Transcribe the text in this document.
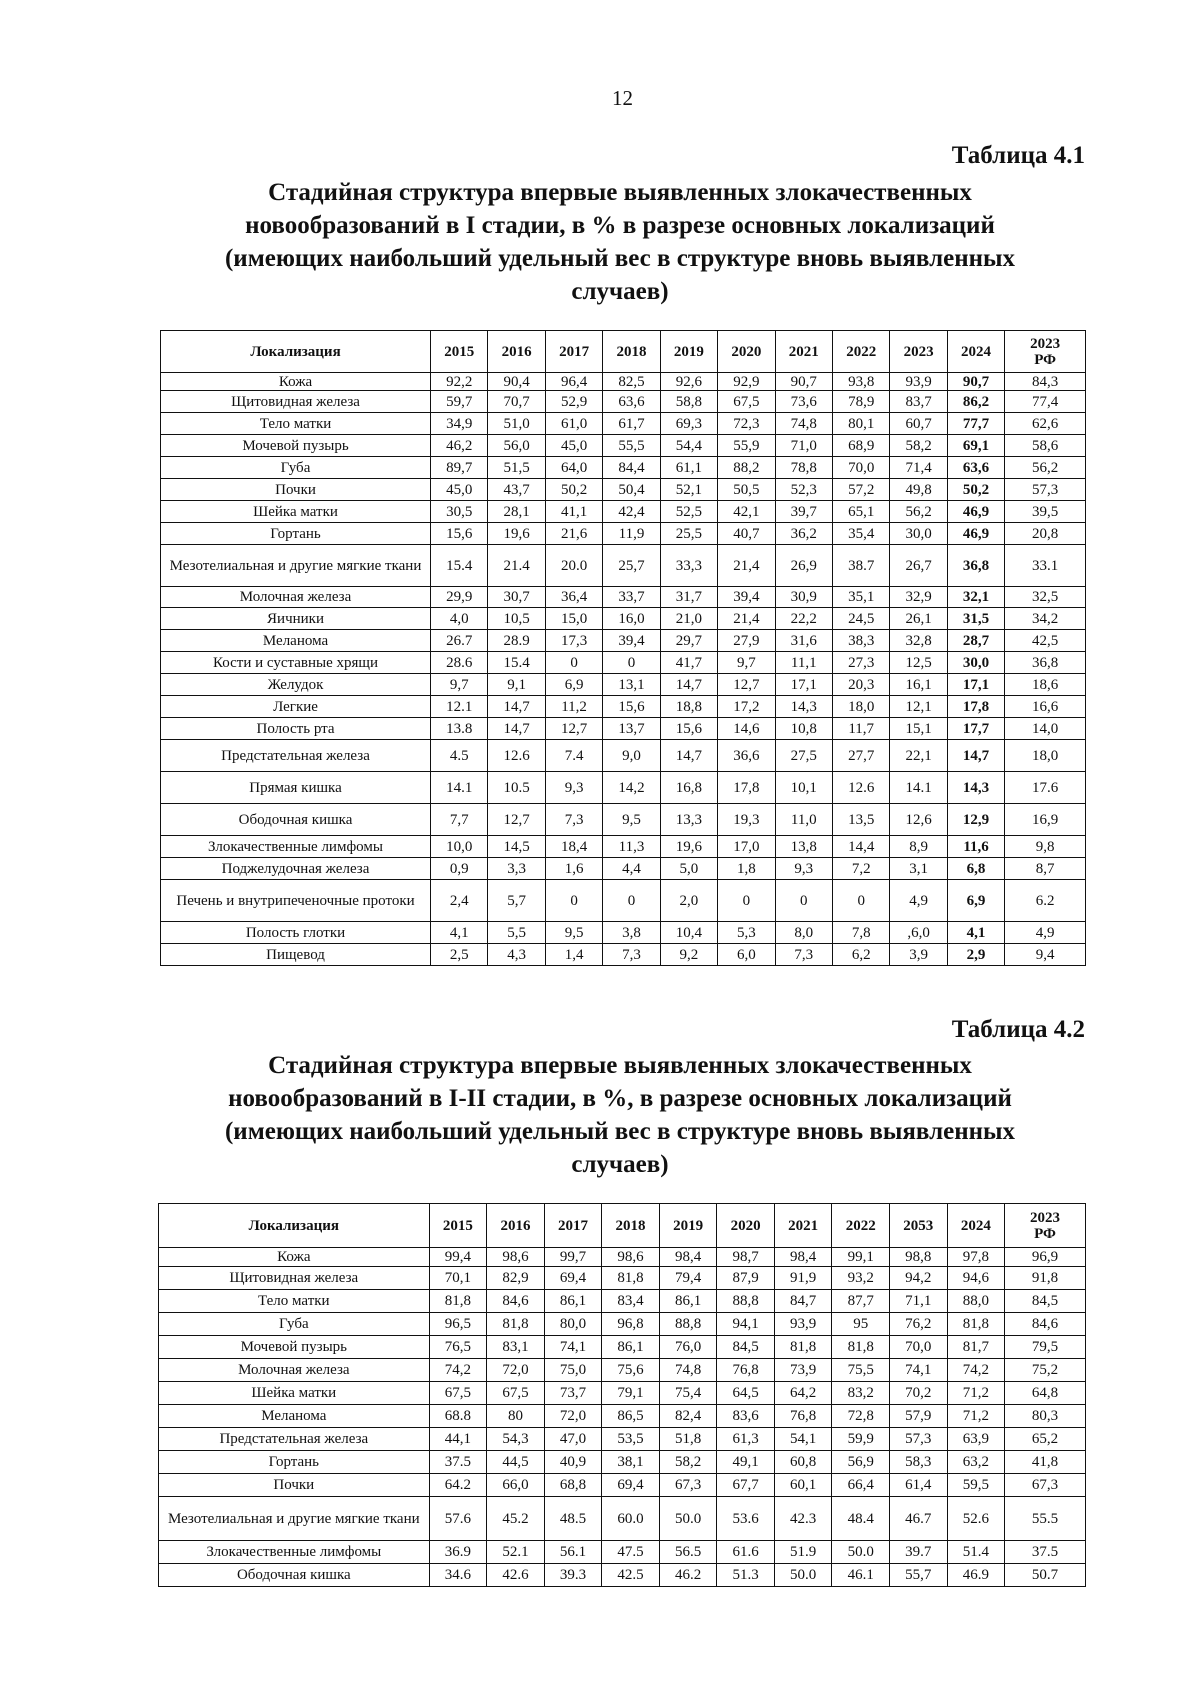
12
Таблица 4.1
Стадийная структура впервые выявленных злокачественных
новообразований в I стадии, в % в разрезе основных локализаций
(имеющих наибольший удельный вес в структуре вновь выявленных
случаев)
Локализация	2015	2016	2017	2018	2019	2020	2021	2022	2023	2024	2023
РФ
Кожа	92,2	90,4	96,4	82,5	92,6	92,9	90,7	93,8	93,9	90,7	84,3
Щитовидная железа	59,7	70,7	52,9	63,6	58,8	67,5	73,6	78,9	83,7	86,2	77,4
Тело матки	34,9	51,0	61,0	61,7	69,3	72,3	74,8	80,1	60,7	77,7	62,6
Мочевой пузырь	46,2	56,0	45,0	55,5	54,4	55,9	71,0	68,9	58,2	69,1	58,6
Губа	89,7	51,5	64,0	84,4	61,1	88,2	78,8	70,0	71,4	63,6	56,2
Почки	45,0	43,7	50,2	50,4	52,1	50,5	52,3	57,2	49,8	50,2	57,3
Шейка матки	30,5	28,1	41,1	42,4	52,5	42,1	39,7	65,1	56,2	46,9	39,5
Гортань	15,6	19,6	21,6	11,9	25,5	40,7	36,2	35,4	30,0	46,9	20,8
Мезотелиальная и другие мягкие ткани	15.4	21.4	20.0	25,7	33,3	21,4	26,9	38.7	26,7	36,8	33.1
Молочная железа	29,9	30,7	36,4	33,7	31,7	39,4	30,9	35,1	32,9	32,1	32,5
Яичники	4,0	10,5	15,0	16,0	21,0	21,4	22,2	24,5	26,1	31,5	34,2
Меланома	26.7	28.9	17,3	39,4	29,7	27,9	31,6	38,3	32,8	28,7	42,5
Кости и суставные хрящи	28.6	15.4	0	0	41,7	9,7	11,1	27,3	12,5	30,0	36,8
Желудок	9,7	9,1	6,9	13,1	14,7	12,7	17,1	20,3	16,1	17,1	18,6
Легкие	12.1	14,7	11,2	15,6	18,8	17,2	14,3	18,0	12,1	17,8	16,6
Полость рта	13.8	14,7	12,7	13,7	15,6	14,6	10,8	11,7	15,1	17,7	14,0
Предстательная железа	4.5	12.6	7.4	9,0	14,7	36,6	27,5	27,7	22,1	14,7	18,0
Прямая кишка	14.1	10.5	9,3	14,2	16,8	17,8	10,1	12.6	14.1	14,3	17.6
Ободочная кишка	7,7	12,7	7,3	9,5	13,3	19,3	11,0	13,5	12,6	12,9	16,9
Злокачественные лимфомы	10,0	14,5	18,4	11,3	19,6	17,0	13,8	14,4	8,9	11,6	9,8
Поджелудочная железа	0,9	3,3	1,6	4,4	5,0	1,8	9,3	7,2	3,1	6,8	8,7
Печень и внутрипеченочные протоки	2,4	5,7	0	0	2,0	0	0	0	4,9	6,9	6.2
Полость глотки	4,1	5,5	9,5	3,8	10,4	5,3	8,0	7,8	,6,0	4,1	4,9
Пищевод	2,5	4,3	1,4	7,3	9,2	6,0	7,3	6,2	3,9	2,9	9,4
Таблица 4.2
Стадийная структура впервые выявленных злокачественных
новообразований в I-II стадии, в %, в разрезе основных локализаций
(имеющих наибольший удельный вес в структуре вновь выявленных
случаев)
Локализация	2015	2016	2017	2018	2019	2020	2021	2022	2053	2024	2023
РФ
Кожа	99,4	98,6	99,7	98,6	98,4	98,7	98,4	99,1	98,8	97,8	96,9
Щитовидная железа	70,1	82,9	69,4	81,8	79,4	87,9	91,9	93,2	94,2	94,6	91,8
Тело матки	81,8	84,6	86,1	83,4	86,1	88,8	84,7	87,7	71,1	88,0	84,5
Губа	96,5	81,8	80,0	96,8	88,8	94,1	93,9	95	76,2	81,8	84,6
Мочевой пузырь	76,5	83,1	74,1	86,1	76,0	84,5	81,8	81,8	70,0	81,7	79,5
Молочная железа	74,2	72,0	75,0	75,6	74,8	76,8	73,9	75,5	74,1	74,2	75,2
Шейка матки	67,5	67,5	73,7	79,1	75,4	64,5	64,2	83,2	70,2	71,2	64,8
Меланома	68.8	80	72,0	86,5	82,4	83,6	76,8	72,8	57,9	71,2	80,3
Предстательная железа	44,1	54,3	47,0	53,5	51,8	61,3	54,1	59,9	57,3	63,9	65,2
Гортань	37.5	44,5	40,9	38,1	58,2	49,1	60,8	56,9	58,3	63,2	41,8
Почки	64.2	66,0	68,8	69,4	67,3	67,7	60,1	66,4	61,4	59,5	67,3
Мезотелиальная и другие мягкие ткани	57.6	45.2	48.5	60.0	50.0	53.6	42.3	48.4	46.7	52.6	55.5
Злокачественные лимфомы	36.9	52.1	56.1	47.5	56.5	61.6	51.9	50.0	39.7	51.4	37.5
Ободочная кишка	34.6	42.6	39.3	42.5	46.2	51.3	50.0	46.1	55,7	46.9	50.7
